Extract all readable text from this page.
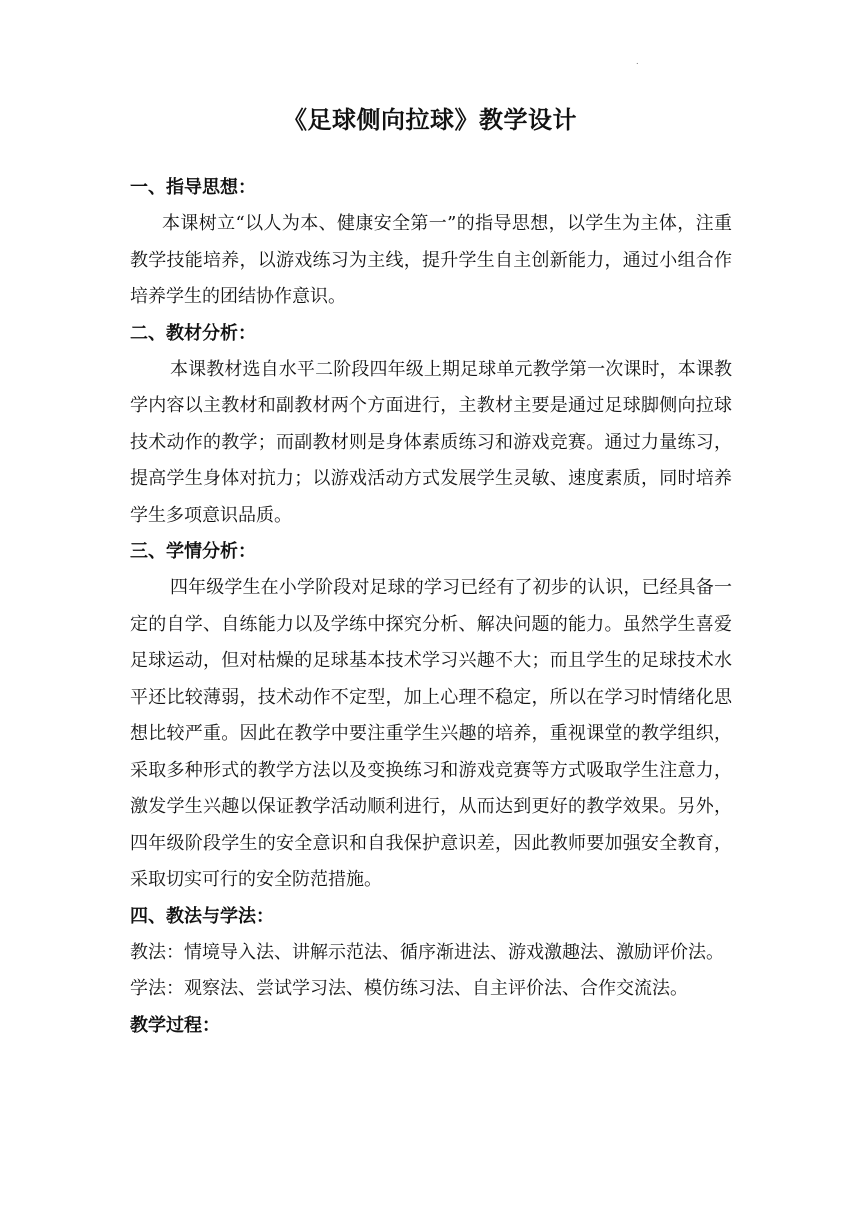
.
《足球侧向拉球》教学设计
一、指导思想：

本课树立“以人为本、健康安全第一”的指导思想，以学生为主体，注重教学技能培养，以游戏练习为主线，提升学生自主创新能力，通过小组合作培养学生的团结协作意识。

二、教材分析：

本课教材选自水平二阶段四年级上期足球单元教学第一次课时，本课教学内容以主教材和副教材两个方面进行，主教材主要是通过足球脚侧向拉球技术动作的教学；而副教材则是身体素质练习和游戏竞赛。通过力量练习，提高学生身体对抗力；以游戏活动方式发展学生灵敏、速度素质，同时培养学生多项意识品质。

三、学情分析：

四年级学生在小学阶段对足球的学习已经有了初步的认识，已经具备一定的自学、自练能力以及学练中探究分析、解决问题的能力。虽然学生喜爱足球运动，但对枯燥的足球基本技术学习兴趣不大；而且学生的足球技术水平还比较薄弱，技术动作不定型，加上心理不稳定，所以在学习时情绪化思想比较严重。因此在教学中要注重学生兴趣的培养，重视课堂的教学组织，采取多种形式的教学方法以及变换练习和游戏竞赛等方式吸取学生注意力，激发学生兴趣以保证教学活动顺利进行，从而达到更好的教学效果。另外，四年级阶段学生的安全意识和自我保护意识差，因此教师要加强安全教育，采取切实可行的安全防范措施。

四、教法与学法：

教法：情境导入法、讲解示范法、循序渐进法、游戏激趣法、激励评价法。

学法：观察法、尝试学习法、模仿练习法、自主评价法、合作交流法。

教学过程：
